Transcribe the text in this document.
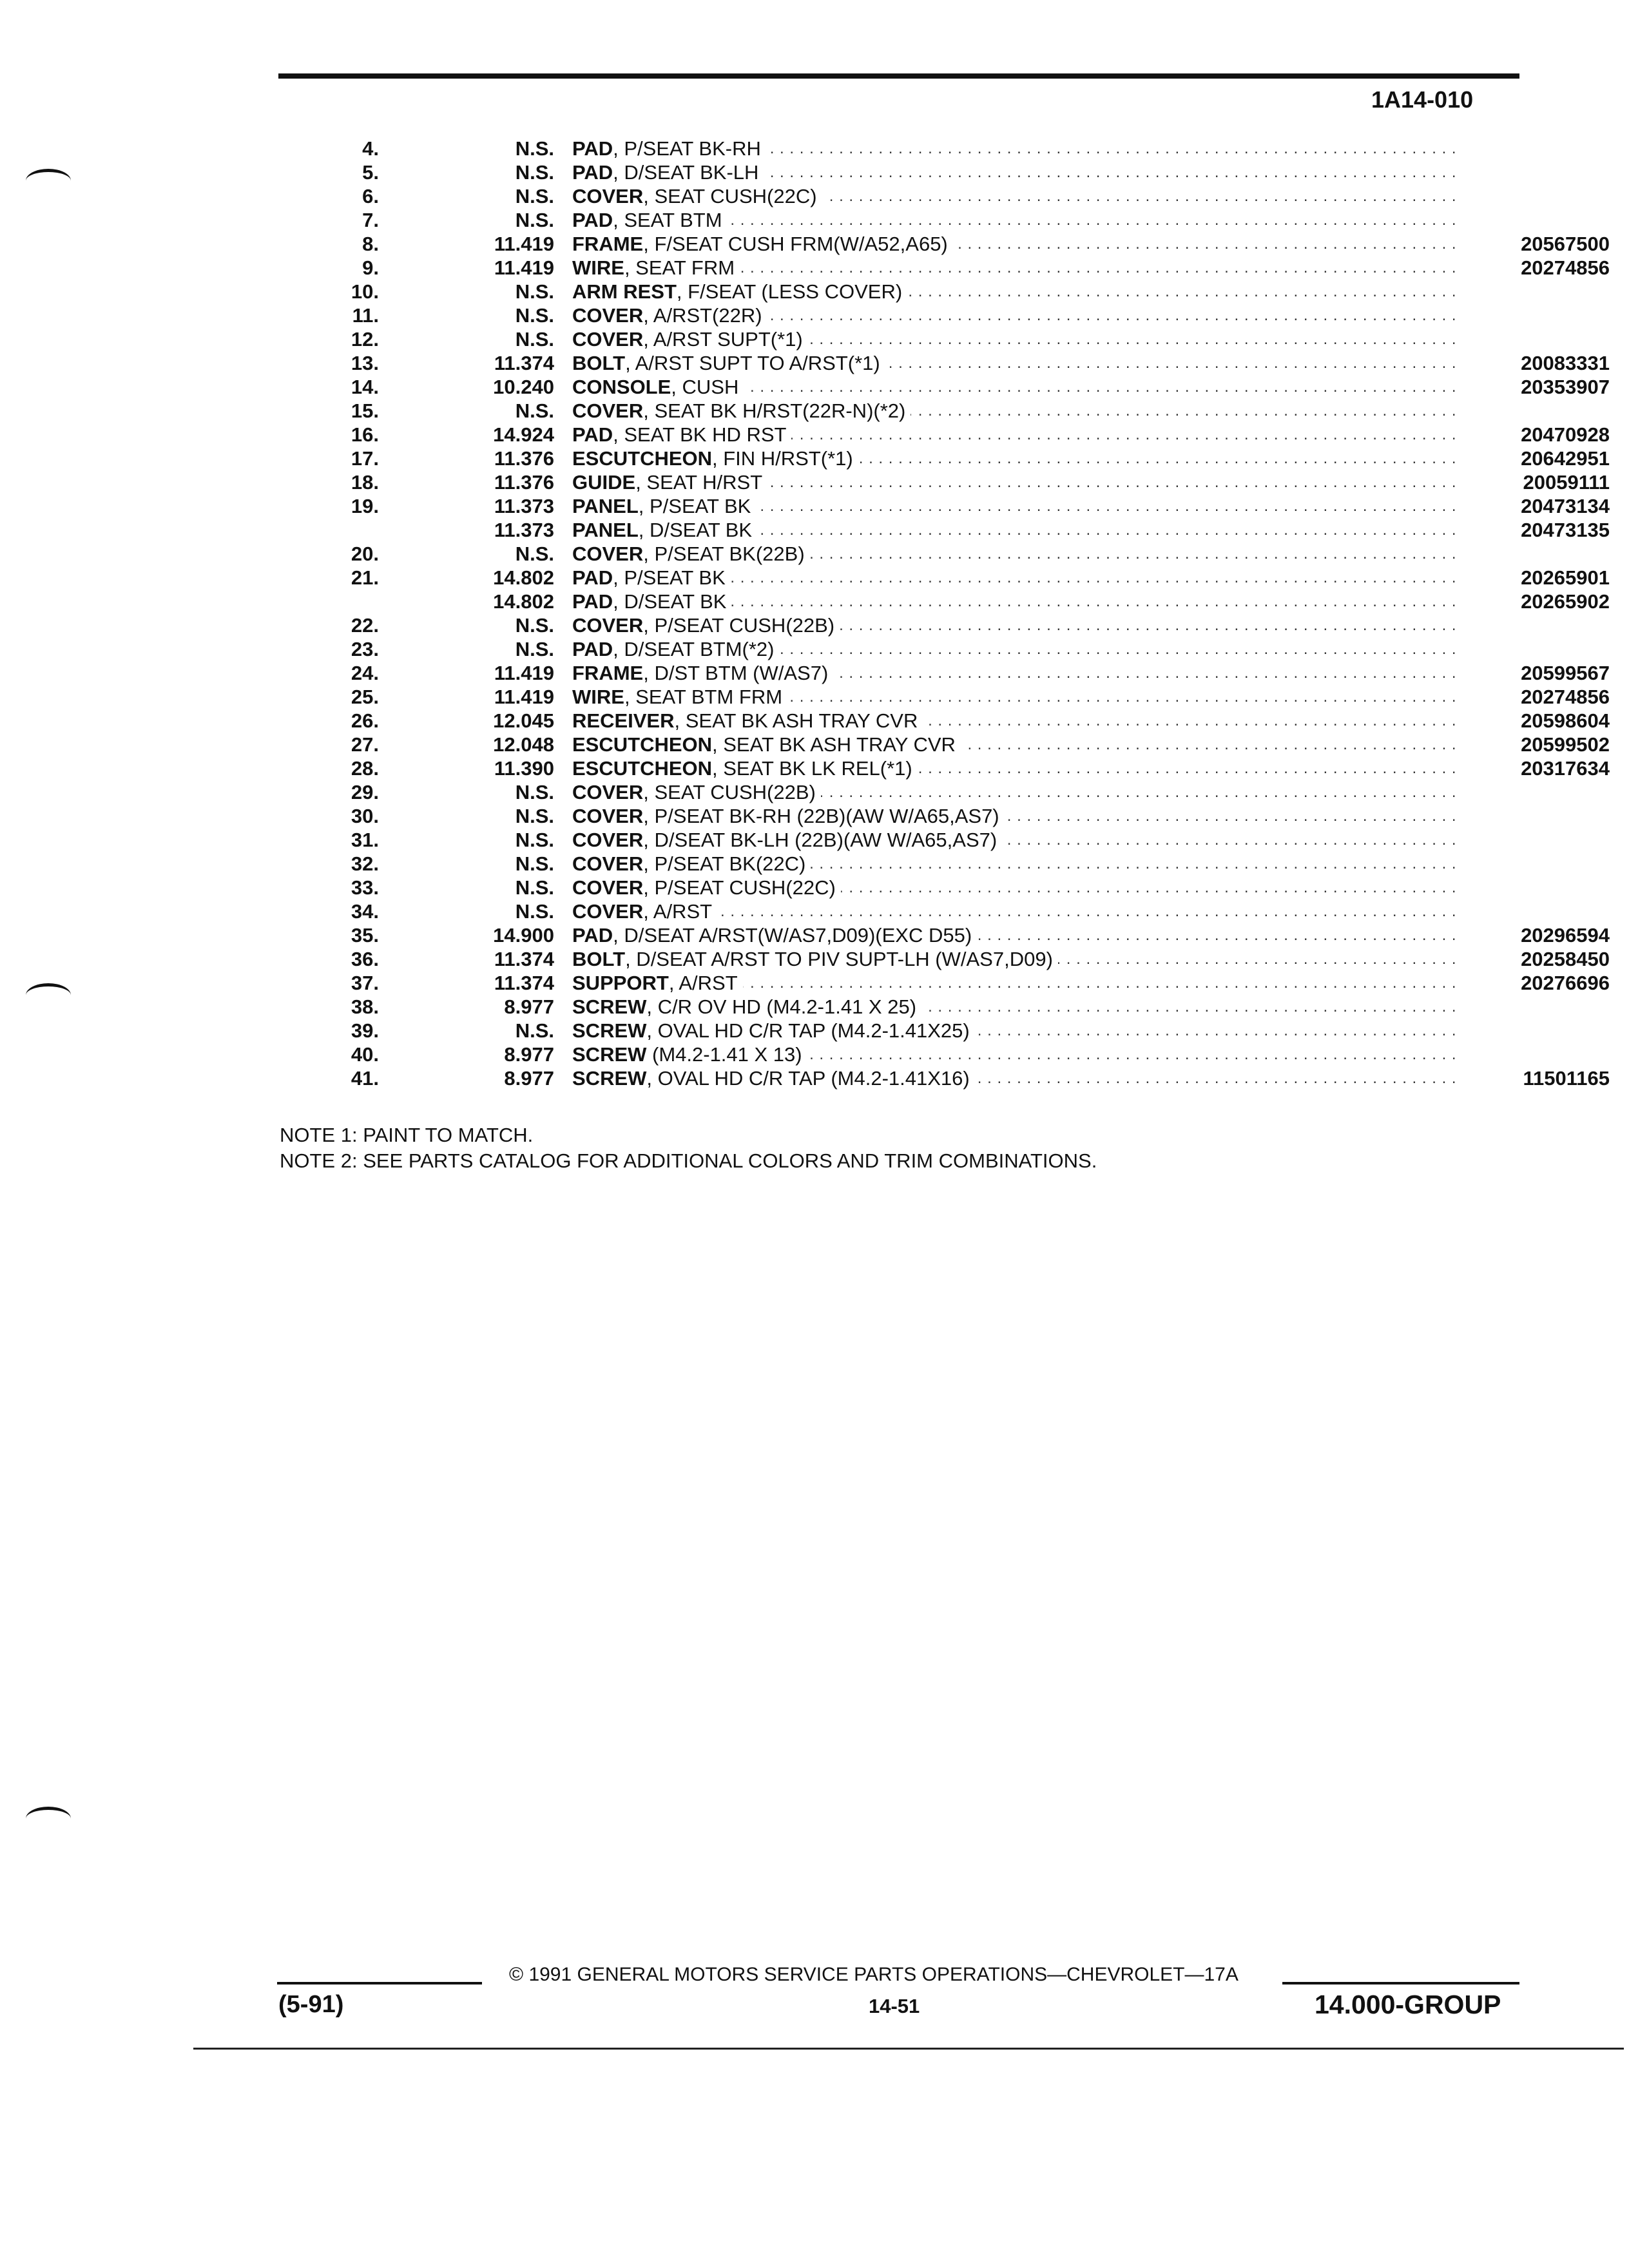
1A14-010
4.	N.S. PAD, P/SEAT BK-RH . . .
5.	N.S. PAD, D/SEAT BK-LH . . .
6.	N.S. COVER, SEAT CUSH(22C) . . .
7.	N.S. PAD, SEAT BTM . . .
8.	11.419 FRAME, F/SEAT CUSH FRM(W/A52,A65) . . .	20567500
9.	11.419 WIRE, SEAT FRM . . .	20274856
10.	N.S. ARM REST, F/SEAT (LESS COVER) . . .
11.	N.S. COVER, A/RST(22R) . . .
12.	N.S. COVER, A/RST SUPT(*1) . . .
13.	11.374 BOLT, A/RST SUPT TO A/RST(*1) . . .	20083331
14.	10.240 CONSOLE, CUSH . . .	20353907
15.	N.S. COVER, SEAT BK H/RST(22R-N)(*2) . . .
16.	14.924 PAD, SEAT BK HD RST . . .	20470928
17.	11.376 ESCUTCHEON, FIN H/RST(*1) . . .	20642951
18.	11.376 GUIDE, SEAT H/RST . . .	20059111
19.	11.373 PANEL, P/SEAT BK . . .	20473134
11.373 PANEL, D/SEAT BK . . .	20473135
20.	N.S. COVER, P/SEAT BK(22B) . . .
21.	14.802 PAD, P/SEAT BK . . .	20265901
14.802 PAD, D/SEAT BK . . .	20265902
22.	N.S. COVER, P/SEAT CUSH(22B) . . .
23.	N.S. PAD, D/SEAT BTM(*2) . . .
24.	11.419 FRAME, D/ST BTM (W/AS7) . . .	20599567
25.	11.419 WIRE, SEAT BTM FRM . . .	20274856
26.	12.045 RECEIVER, SEAT BK ASH TRAY CVR . . .	20598604
27.	12.048 ESCUTCHEON, SEAT BK ASH TRAY CVR . . .	20599502
28.	11.390 ESCUTCHEON, SEAT BK LK REL(*1) . . .	20317634
29.	N.S. COVER, SEAT CUSH(22B) . . .
30.	N.S. COVER, P/SEAT BK-RH (22B)(AW W/A65,AS7) . . .
31.	N.S. COVER, D/SEAT BK-LH (22B)(AW W/A65,AS7) . . .
32.	N.S. COVER, P/SEAT BK(22C) . . .
33.	N.S. COVER, P/SEAT CUSH(22C) . . .
34.	N.S. COVER, A/RST . . .
35.	14.900 PAD, D/SEAT A/RST(W/AS7,D09)(EXC D55) . . .	20296594
36.	11.374 BOLT, D/SEAT A/RST TO PIV SUPT-LH (W/AS7,D09) . . .	20258450
37.	11.374 SUPPORT, A/RST . . .	20276696
38.	8.977 SCREW, C/R OV HD (M4.2-1.41 X 25) . . .
39.	N.S. SCREW, OVAL HD C/R TAP (M4.2-1.41X25) . . .
40.	8.977 SCREW (M4.2-1.41 X 13) . . .
41.	8.977 SCREW, OVAL HD C/R TAP (M4.2-1.41X16) . . .	11501165
NOTE 1: PAINT TO MATCH.
NOTE 2: SEE PARTS CATALOG FOR ADDITIONAL COLORS AND TRIM COMBINATIONS.
© 1991 GENERAL MOTORS SERVICE PARTS OPERATIONS—CHEVROLET—17A
(5-91)	14-51	14.000-GROUP
